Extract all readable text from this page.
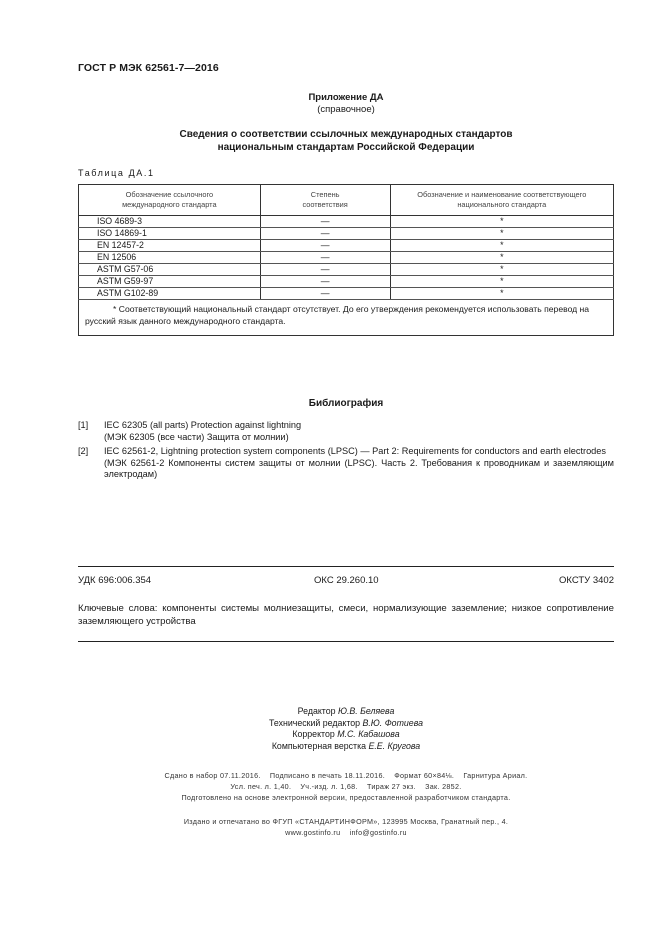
ГОСТ Р МЭК 62561-7—2016
Приложение ДА
(справочное)
Сведения о соответствии ссылочных международных стандартов
национальным стандартам Российской Федерации
Таблица ДА.1
Обозначение ссылочного международного стандарта	Степень соответствия	Обозначение и наименование соответствующего национального стандарта
ISO 4689-3	—	*
ISO 14869-1	—	*
EN 12457-2	—	*
EN 12506	—	*
ASTM G57-06	—	*
ASTM G59-97	—	*
ASTM G102-89	—	*
* Соответствующий национальный стандарт отсутствует. До его утверждения рекомендуется использовать перевод на русский язык данного международного стандарта.		
Библиография
[1] IEC 62305 (all parts) Protection against lightning
(МЭК 62305 (все части) Защита от молнии)
[2] IEC 62561-2, Lightning protection system components (LPSC) — Part 2: Requirements for conductors and earth electrodes
(МЭК 62561-2 Компоненты систем защиты от молнии (LPSC). Часть 2. Требования к проводникам и заземляющим электродам)
УДК 696:006.354	ОКС 29.260.10	ОКСТУ 3402
Ключевые слова: компоненты системы молниезащиты, смеси, нормализующие заземление; низкое сопротивление заземляющего устройства
Редактор Ю.В. Беляева
Технический редактор В.Ю. Фотиева
Корректор М.С. Кабашова
Компьютерная верстка Е.Е. Кругова
Сдано в набор 07.11.2016.    Подписано в печать 18.11.2016.    Формат 60×84⅛.    Гарнитура Ариал.
Усл. печ. л. 1,40.    Уч.-изд. л. 1,68.    Тираж 27 экз.    Зак. 2852.
Подготовлено на основе электронной версии, предоставленной разработчиком стандарта.
Издано и отпечатано во ФГУП «СТАНДАРТИНФОРМ», 123995 Москва, Гранатный пер., 4.
www.gostinfo.ru    info@gostinfo.ru
